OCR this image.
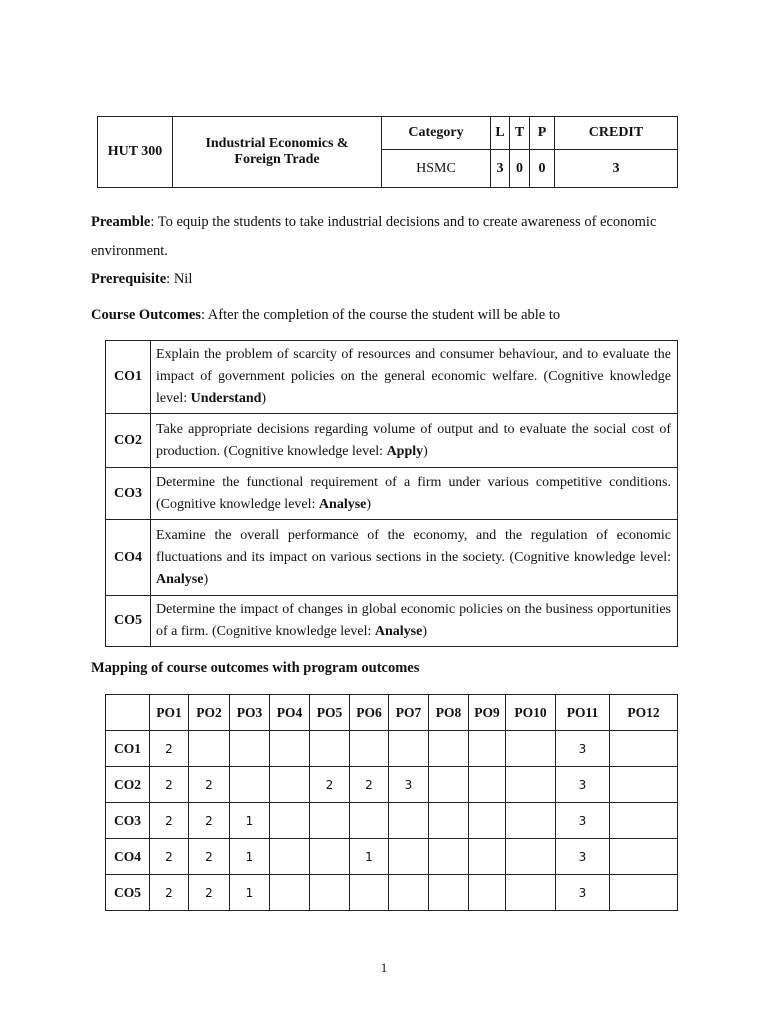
HUT 300	Industrial Economics &
Foreign Trade	Category	L	T	P	CREDIT
		HSMC	3	0	0	3
Preamble: To equip the students to take industrial decisions and to create awareness of economic
environment.
Prerequisite: Nil
Course Outcomes: After the completion of the course the student will be able to
CO1	Explain the problem of scarcity of resources and consumer behaviour, and to evaluate the impact of government policies on the general economic welfare. (Cognitive knowledge level: Understand)
CO2	Take appropriate decisions regarding volume of output and to evaluate the social cost of production. (Cognitive knowledge level: Apply)
CO3	Determine the functional requirement of a firm under various competitive conditions. (Cognitive knowledge level: Analyse)
CO4	Examine the overall performance of the economy, and the regulation of economic fluctuations and its impact on various sections in the society. (Cognitive knowledge level: Analyse)
CO5	Determine the impact of changes in global economic policies on the business opportunities of a firm. (Cognitive knowledge level: Analyse)
Mapping of course outcomes with program outcomes
	PO1	PO2	PO3	PO4	PO5	PO6	PO7	PO8	PO9	PO10	PO11	PO12
CO1	2										3	
CO2	2	2			2	2	3				3	
CO3	2	2	1								3	
CO4	2	2	1			1					3	
CO5	2	2	1								3	
1
